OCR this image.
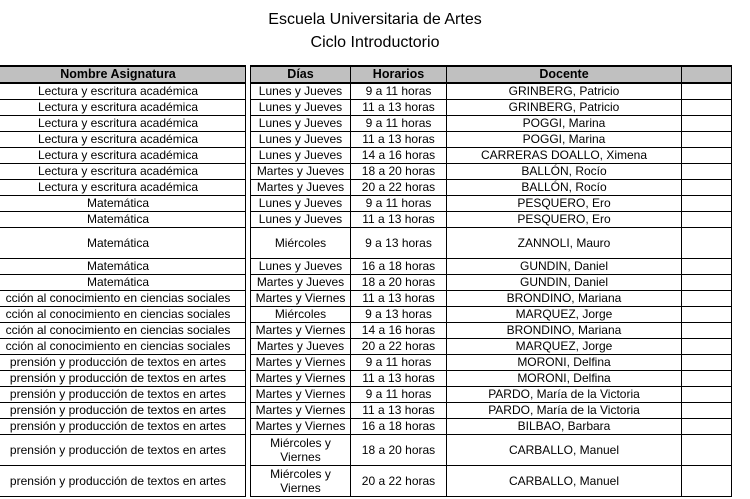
Escuela Universitaria de Artes
Ciclo Introductorio
Nombre Asignatura		Días	Horarios	Docente	
Lectura y escritura académica		Lunes y Jueves	9 a 11 horas	GRINBERG, Patricio	
Lectura y escritura académica		Lunes y Jueves	11 a 13 horas	GRINBERG, Patricio	
Lectura y escritura académica		Lunes y Jueves	9 a 11 horas	POGGI, Marina	
Lectura y escritura académica		Lunes y Jueves	11 a 13 horas	POGGI, Marina	
Lectura y escritura académica		Lunes y Jueves	14 a 16 horas	CARRERAS DOALLO, Ximena	
Lectura y escritura académica		Martes y Jueves	18 a 20 horas	BALLÓN, Rocío	
Lectura y escritura académica		Martes y Jueves	20 a 22 horas	BALLÓN, Rocío	
Matemática		Lunes y Jueves	9 a 11 horas	PESQUERO, Ero	
Matemática		Lunes y Jueves	11 a 13 horas	PESQUERO, Ero	
Matemática		Miércoles	9 a 13 horas	ZANNOLI, Mauro	
Matemática		Lunes y Jueves	16 a 18 horas	GUNDIN, Daniel	
Matemática		Martes y Jueves	18 a 20 horas	GUNDIN, Daniel	
cción al conocimiento en ciencias sociales		Martes y Viernes	11 a 13 horas	BRONDINO, Mariana	
cción al conocimiento en ciencias sociales		Miércoles	9 a 13 horas	MARQUEZ, Jorge	
cción al conocimiento en ciencias sociales		Martes y Viernes	14 a 16 horas	BRONDINO, Mariana	
cción al conocimiento en ciencias sociales		Martes y Jueves	20 a 22 horas	MARQUEZ, Jorge	
prensión y producción de textos en artes		Martes y Viernes	9 a 11 horas	MORONI, Delfina	
prensión y producción de textos en artes		Martes y Viernes	11 a 13 horas	MORONI, Delfina	
prensión y producción de textos en artes		Martes y Viernes	9 a 11 horas	PARDO, María de la Victoria	
prensión y producción de textos en artes		Martes y Viernes	11 a 13 horas	PARDO, María de la Victoria	
prensión y producción de textos en artes		Martes y Viernes	16 a 18 horas	BILBAO, Barbara	
prensión y producción de textos en artes		Miércoles y Viernes	18 a 20 horas	CARBALLO, Manuel	
prensión y producción de textos en artes		Miércoles y Viernes	20 a 22 horas	CARBALLO, Manuel	
